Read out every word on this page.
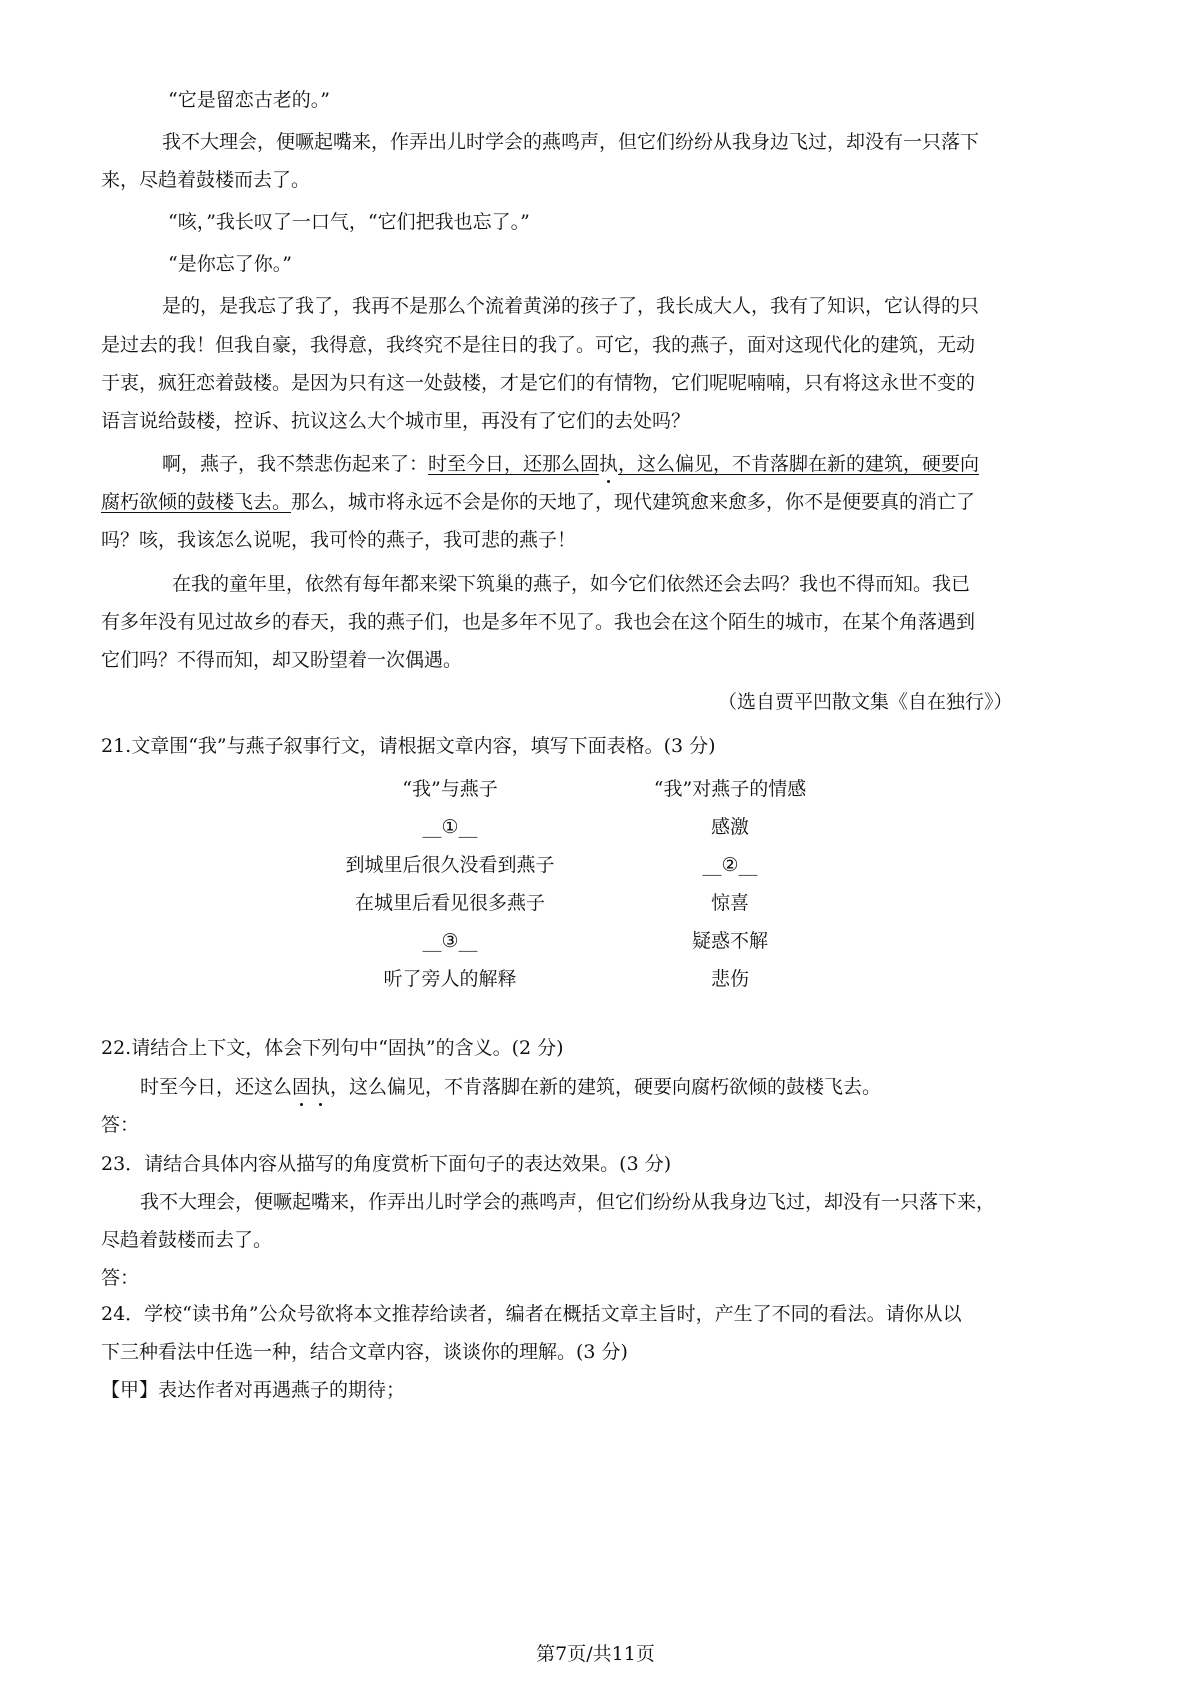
“它是留恋古老的。”
我不大理会，便噘起嘴来，作弄出儿时学会的燕鸣声，但它们纷纷从我身边飞过，却没有一只落下
来，尽趋着鼓楼而去了。
“咳，”我长叹了一口气，“它们把我也忘了。”
“是你忘了你。”
是的，是我忘了我了，我再不是那么个流着黄涕的孩子了，我长成大人，我有了知识，它认得的只
是过去的我！但我自豪，我得意，我终究不是往日的我了。可它，我的燕子，面对这现代化的建筑，无动
于衷，疯狂恋着鼓楼。是因为只有这一处鼓楼，才是它们的有情物，它们呢呢喃喃，只有将这永世不变的
语言说给鼓楼，控诉、抗议这么大个城市里，再没有了它们的去处吗？
啊，燕子，我不禁悲伤起来了：时至今日，还那么固执，这么偏见，不肯落脚在新的建筑，硬要向
腐朽欲倾的鼓楼飞去。那么，城市将永远不会是你的天地了，现代建筑愈来愈多，你不是便要真的消亡了
吗？咳，我该怎么说呢，我可怜的燕子，我可悲的燕子！
在我的童年里，依然有每年都来梁下筑巢的燕子，如今它们依然还会去吗？我也不得而知。我已
有多年没有见过故乡的春天，我的燕子们，也是多年不见了。我也会在这个陌生的城市，在某个角落遇到
它们吗？不得而知，却又盼望着一次偶遇。
（选自贾平凹散文集《自在独行》）
21.文章围“我”与燕子叙事行文，请根据文章内容，填写下面表格。(3 分)
“我”与燕子	“我”对燕子的情感
__①__	感激
到城里后很久没看到燕子	__②__
在城里后看见很多燕子	惊喜
__③__	疑惑不解
听了旁人的解释	悲伤
22.请结合上下文，体会下列句中“固执”的含义。(2 分)
时至今日，还这么固执，这么偏见，不肯落脚在新的建筑，硬要向腐朽欲倾的鼓楼飞去。
答：
23．请结合具体内容从描写的角度赏析下面句子的表达效果。(3 分)
我不大理会，便噘起嘴来，作弄出儿时学会的燕鸣声，但它们纷纷从我身边飞过，却没有一只落下来，
尽趋着鼓楼而去了。
答：
24．学校“读书角”公众号欲将本文推荐给读者，编者在概括文章主旨时，产生了不同的看法。请你从以
下三种看法中任选一种，结合文章内容，谈谈你的理解。(3 分)
【甲】表达作者对再遇燕子的期待；
第7页/共11页
